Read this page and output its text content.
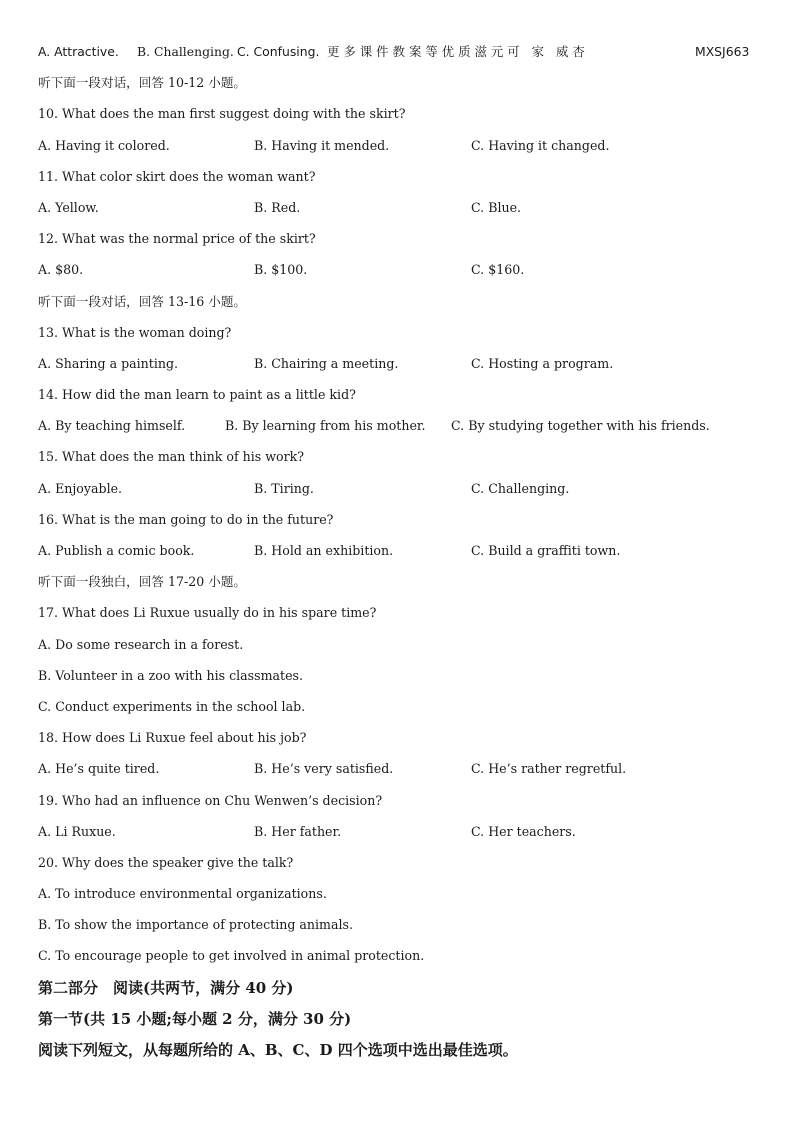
A. Attractive. B. Challenging. C. Confusing. 更多课件教案等优质滋元可 家 威杏	MXSJ663
听下面一段对话，回答 10-12 小题。
10. What does the man first suggest doing with the skirt?
A. Having it colored.	B. Having it mended.	C. Having it changed.
11. What color skirt does the woman want?
A. Yellow.	B. Red.	C. Blue.
12. What was the normal price of the skirt?
A. $80.	B. $100.	C. $160.
听下面一段对话，回答 13-16 小题。
13. What is the woman doing?
A. Sharing a painting.	B. Chairing a meeting.	C. Hosting a program.
14. How did the man learn to paint as a little kid?
A. By teaching himself.	B. By learning from his mother. C. By studying together with his friends.
15. What does the man think of his work?
A. Enjoyable.	B. Tiring.	C. Challenging.
16. What is the man going to do in the future?
A. Publish a comic book.	B. Hold an exhibition.	C. Build a graffiti town.
听下面一段独白，回答 17-20 小题。
17. What does Li Ruxue usually do in his spare time?
A. Do some research in a forest.
B. Volunteer in a zoo with his classmates.
C. Conduct experiments in the school lab.
18. How does Li Ruxue feel about his job?
A. He’s quite tired.	B. He’s very satisfied.	C. He’s rather regretful.
19. Who had an influence on Chu Wenwen’s decision?
A. Li Ruxue.	B. Her father.	C. Her teachers.
20. Why does the speaker give the talk?
A. To introduce environmental organizations.
B. To show the importance of protecting animals.
C. To encourage people to get involved in animal protection.
第二部分　阅读(共两节，满分 40 分)
第一节(共 15 小题;每小题 2 分，满分 30 分)
阅读下列短文，从每题所给的 A、B、C、D 四个选项中选出最佳选项。
